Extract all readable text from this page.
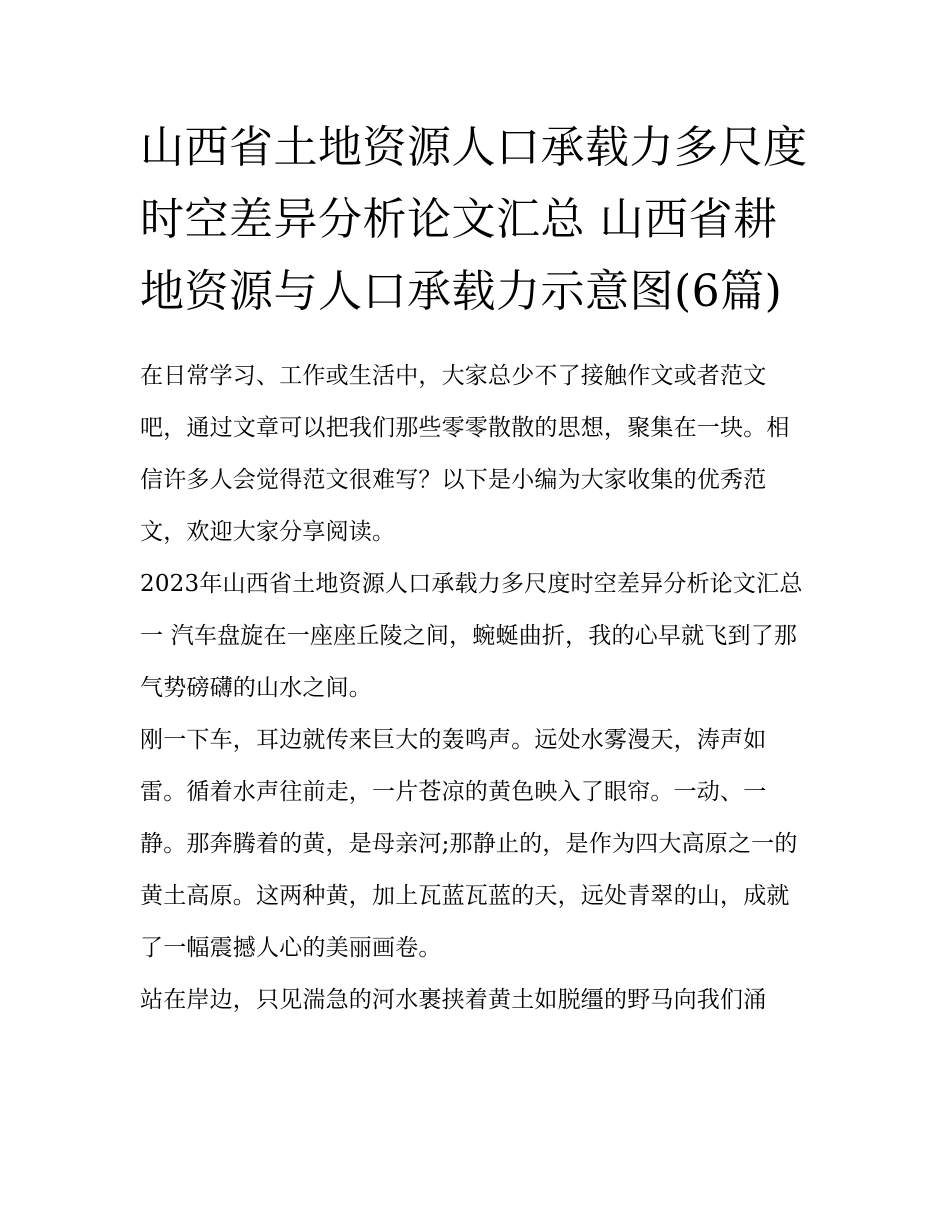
山西省土地资源人口承载力多尺度时空差异分析论文汇总 山西省耕地资源与人口承载力示意图(6篇)

在日常学习、工作或生活中，大家总少不了接触作文或者范文吧，通过文章可以把我们那些零零散散的思想，聚集在一块。相信许多人会觉得范文很难写？以下是小编为大家收集的优秀范文，欢迎大家分享阅读。

2023年山西省土地资源人口承载力多尺度时空差异分析论文汇总一 汽车盘旋在一座座丘陵之间，蜿蜒曲折，我的心早就飞到了那气势磅礴的山水之间。

刚一下车，耳边就传来巨大的轰鸣声。远处水雾漫天，涛声如雷。循着水声往前走，一片苍凉的黄色映入了眼帘。一动、一静。那奔腾着的黄，是母亲河;那静止的，是作为四大高原之一的黄土高原。这两种黄，加上瓦蓝瓦蓝的天，远处青翠的山，成就了一幅震撼人心的美丽画卷。

站在岸边，只见湍急的河水裹挟着黄土如脱缰的野马向我们涌
